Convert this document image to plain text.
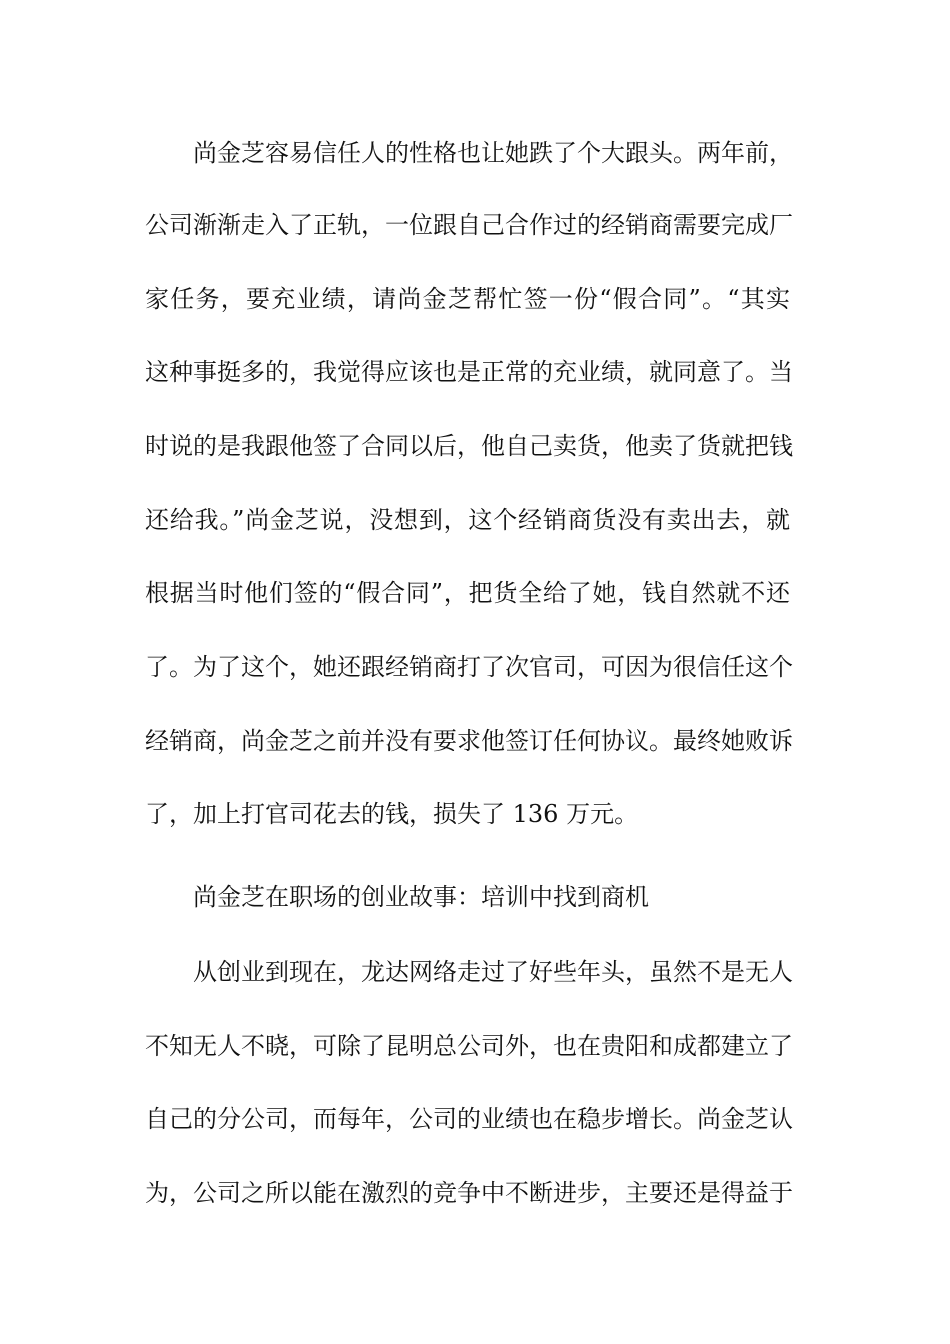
尚金芝容易信任人的性格也让她跌了个大跟头。两年前，
公司渐渐走入了正轨，一位跟自己合作过的经销商需要完成厂
家任务，要充业绩，请尚金芝帮忙签一份“假合同”。“其实
这种事挺多的，我觉得应该也是正常的充业绩，就同意了。当
时说的是我跟他签了合同以后，他自己卖货，他卖了货就把钱
还给我。”尚金芝说，没想到，这个经销商货没有卖出去，就
根据当时他们签的“假合同”，把货全给了她，钱自然就不还
了。为了这个，她还跟经销商打了次官司，可因为很信任这个
经销商，尚金芝之前并没有要求他签订任何协议。最终她败诉
了，加上打官司花去的钱，损失了 136 万元。
尚金芝在职场的创业故事：培训中找到商机
从创业到现在，龙达网络走过了好些年头，虽然不是无人
不知无人不晓，可除了昆明总公司外，也在贵阳和成都建立了
自己的分公司，而每年，公司的业绩也在稳步增长。尚金芝认
为，公司之所以能在激烈的竞争中不断进步，主要还是得益于
